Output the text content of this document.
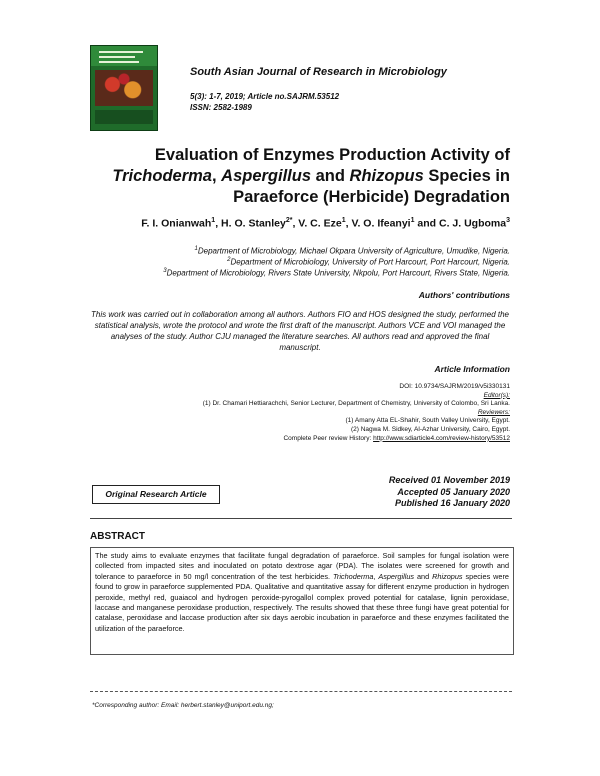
South Asian Journal of Research in Microbiology
5(3): 1-7, 2019; Article no.SAJRM.53512
ISSN: 2582-1989
Evaluation of Enzymes Production Activity of
Trichoderma, Aspergillus and Rhizopus Species in
Paraeforce (Herbicide) Degradation
F. I. Onianwah$^1$, H. O. Stanley$^{2*}$, V. C. Eze$^1$, V. O. Ifeanyi$^1$ and C. J. Ugboma$^3$
$^1$Department of Microbiology, Michael Okpara University of Agriculture, Umudike, Nigeria.
$^2$Department of Microbiology, University of Port Harcourt, Port Harcourt, Nigeria.
$^3$Department of Microbiology, Rivers State University, Nkpolu, Port Harcourt, Rivers State, Nigeria.
Authors' contributions
This work was carried out in collaboration among all authors. Authors FIO and HOS designed the study, performed the statistical analysis, wrote the protocol and wrote the first draft of the manuscript. Authors VCE and VOI managed the analyses of the study. Author CJU managed the literature searches. All authors read and approved the final manuscript.
Article Information
DOI: 10.9734/SAJRM/2019/v5i330131
Editor(s):
(1) Dr. Chamari Hettiarachchi, Senior Lecturer, Department of Chemistry, University of Colombo, Sri Lanka.
Reviewers:
(1) Amany Atta EL-Shahir, South Valley University, Egypt.
(2) Nagwa M. Sidkey, Al-Azhar University, Cairo, Egypt.
Complete Peer review History: http://www.sdiarticle4.com/review-history/53512
Received 01 November 2019
Accepted 05 January 2020
Published 16 January 2020
Original Research Article
ABSTRACT
The study aims to evaluate enzymes that facilitate fungal degradation of paraeforce. Soil samples for fungal isolation were collected from impacted sites and inoculated on potato dextrose agar (PDA). The isolates were screened for growth and tolerance to paraeforce in 50 mg/l concentration of the test herbicides. Trichoderma, Aspergillus and Rhizopus species were found to grow in paraeforce supplemented PDA. Qualitative and quantitative assay for different enzyme production in hydrogen peroxide, methyl red, guaiacol and hydrogen peroxide-pyrogallol complex proved potential for catalase, lignin peroxidase, laccase and manganese peroxidase production, respectively. The results showed that these three fungi have great potential for catalase, peroxidase and laccase production after six days aerobic incubation in paraeforce and these enzymes facilitated the utilization of the paraeforce.
*Corresponding author: Email: herbert.stanley@uniport.edu.ng;
